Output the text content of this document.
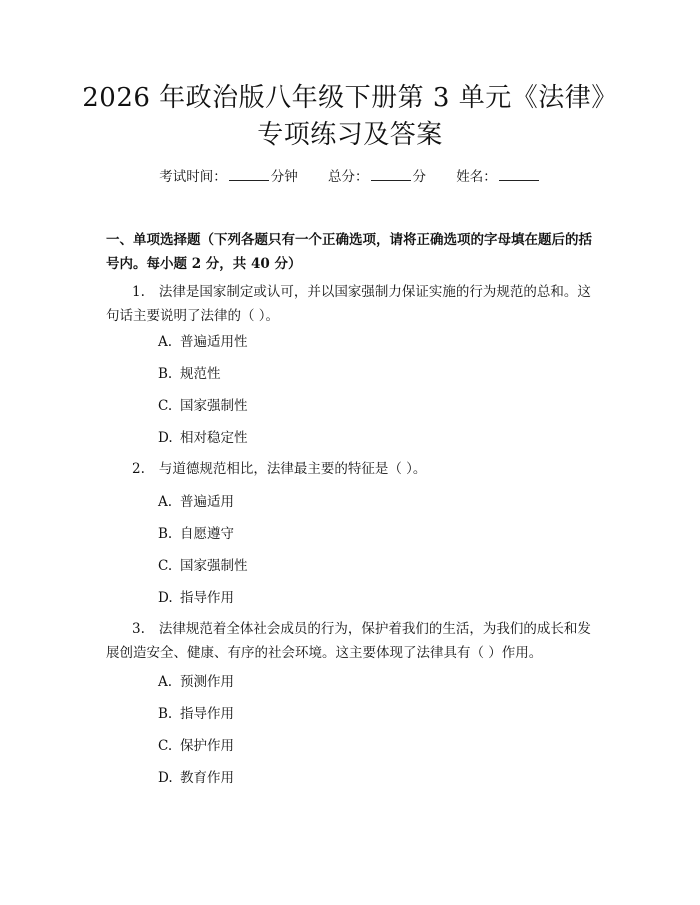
2026 年政治版八年级下册第 3 单元《法律》
专项练习及答案
考试时间：	分钟 总分：	分 姓名：
一、单项选择题（下列各题只有一个正确选项，请将正确选项的字母填在题后的括号内。每小题 2 分，共 40 分）
1. 法律是国家制定或认可，并以国家强制力保证实施的行为规范的总和。这句话主要说明了法律的（ ）。
A. 普遍适用性
B. 规范性
C. 国家强制性
D. 相对稳定性
2. 与道德规范相比，法律最主要的特征是（ ）。
A. 普遍适用
B. 自愿遵守
C. 国家强制性
D. 指导作用
3. 法律规范着全体社会成员的行为，保护着我们的生活，为我们的成长和发展创造安全、健康、有序的社会环境。这主要体现了法律具有（ ）作用。
A. 预测作用
B. 指导作用
C. 保护作用
D. 教育作用
